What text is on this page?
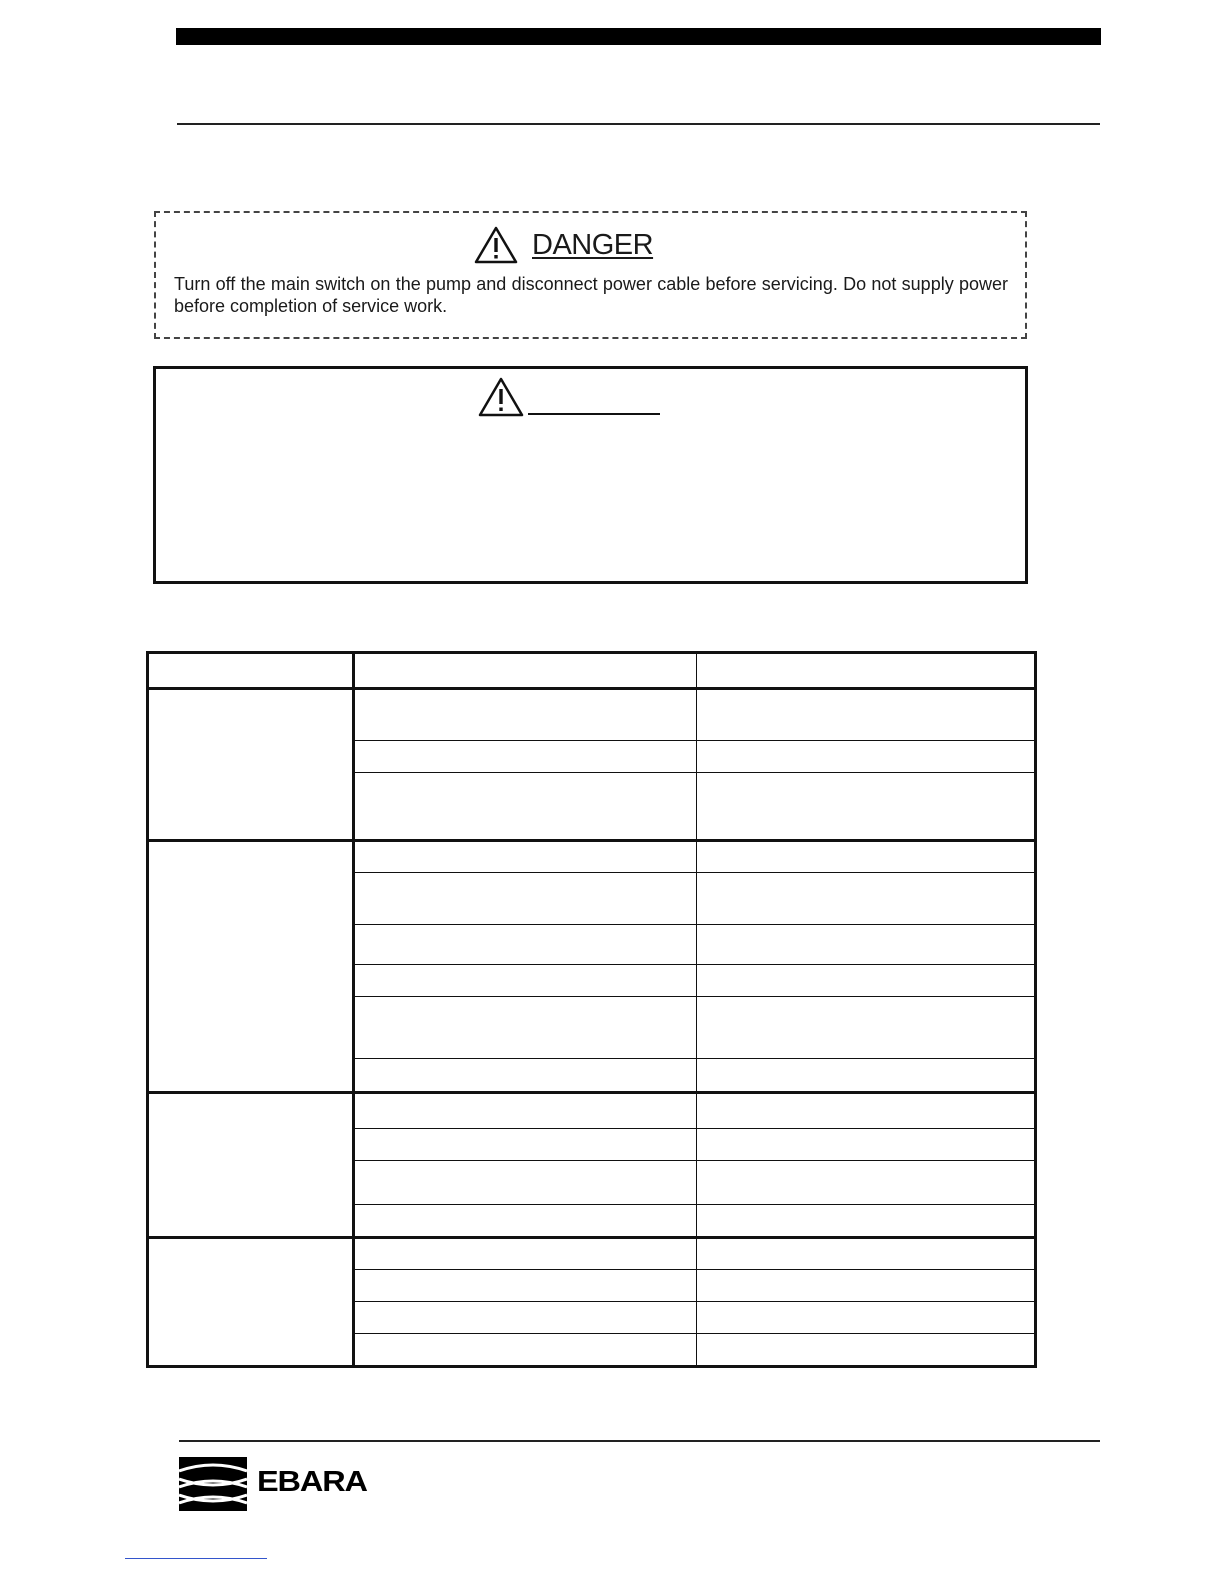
DANGER
Turn off the main switch on the pump and disconnect power cable before servicing. Do not supply power before completion of service work.

EBARA
